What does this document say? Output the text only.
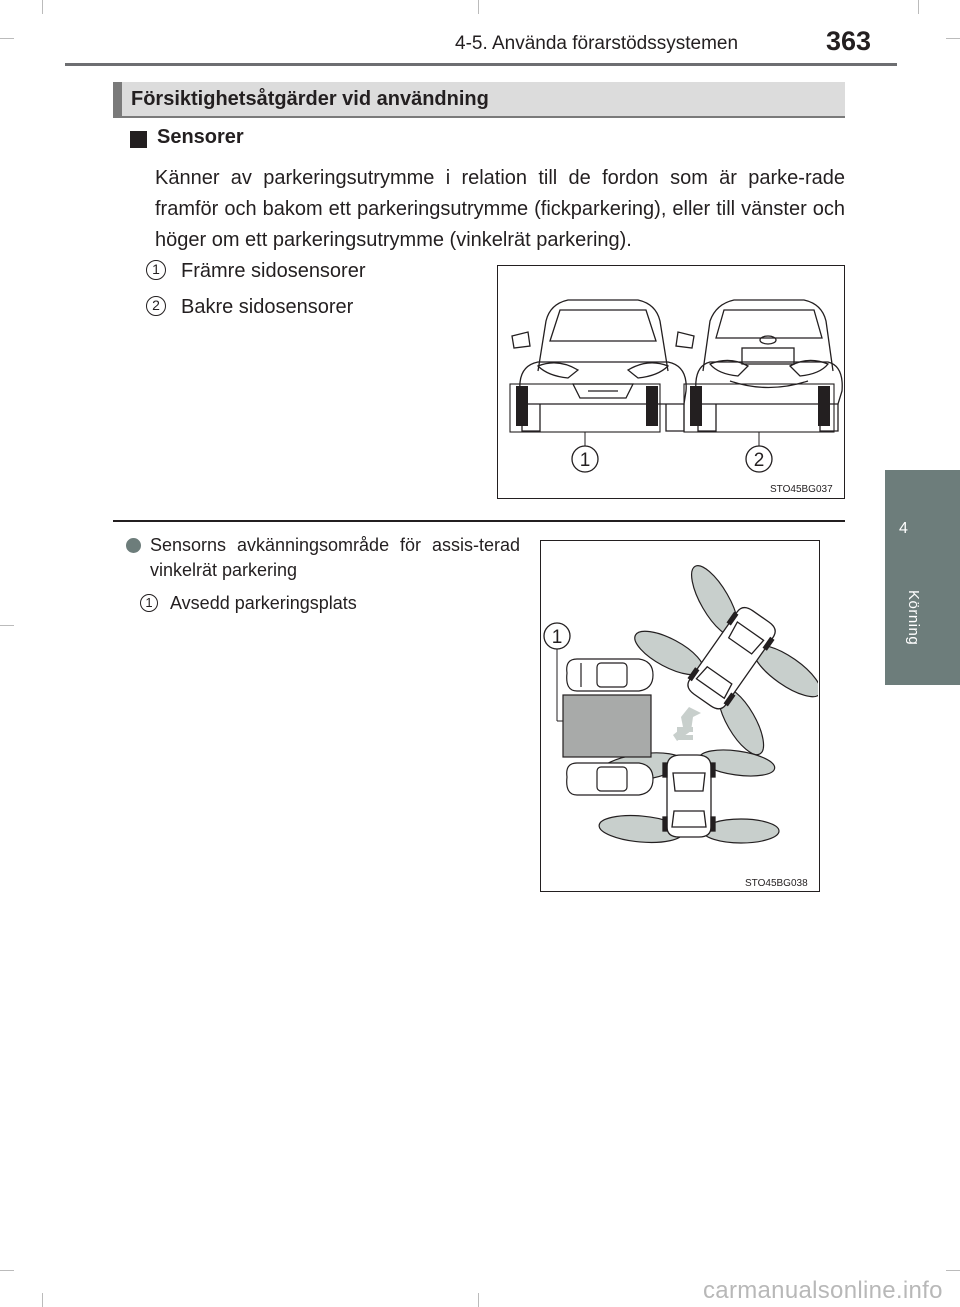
4-5. Använda förarstödssystemen	363
4
Körning
Försiktighetsåtgärder vid användning
Sensorer
Känner av parkeringsutrymme i relation till de fordon som är parke-rade framför och bakom ett parkeringsutrymme (fickparkering), eller till vänster och höger om ett parkeringsutrymme (vinkelrät parkering).
1	Främre sidosensorer
2	Bakre sidosensorer
1	2
STO45BG037
Sensorns avkänningsområde för assis-terad vinkelrät parkering
1 Avsedd parkeringsplats
1
STO45BG038
carmanualsonline.info
